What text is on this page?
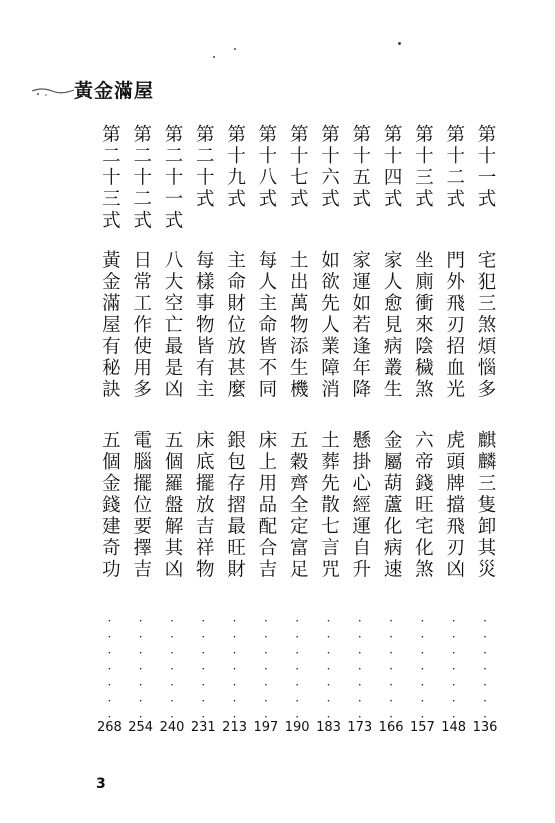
黃金滿屋
第十一式
宅犯三煞煩惱多
麒麟三隻卸其災
·······
136
第十二式
門外飛刃招血光
虎頭牌擋飛刃凶
·······
148
第十三式
坐廁衝來陰穢煞
六帝錢旺宅化煞
·······
157
第十四式
家人愈見病叢生
金屬葫蘆化病速
·······
166
第十五式
家運如若逢年降
懸掛心經運自升
·······
173
第十六式
如欲先人業障消
土葬先散七言咒
·······
183
第十七式
土出萬物添生機
五穀齊全定富足
·······
190
第十八式
每人主命皆不同
床上用品配合吉
·······
197
第十九式
主命財位放甚麼
銀包存摺最旺財
·······
213
第二十式
每樣事物皆有主
床底擺放吉祥物
·······
231
第二十一式
八大空亡最是凶
五個羅盤解其凶
·······
240
第二十二式
日常工作使用多
電腦擺位要擇吉
·······
254
第二十三式
黃金滿屋有秘訣
五個金錢建奇功
·······
268
3
